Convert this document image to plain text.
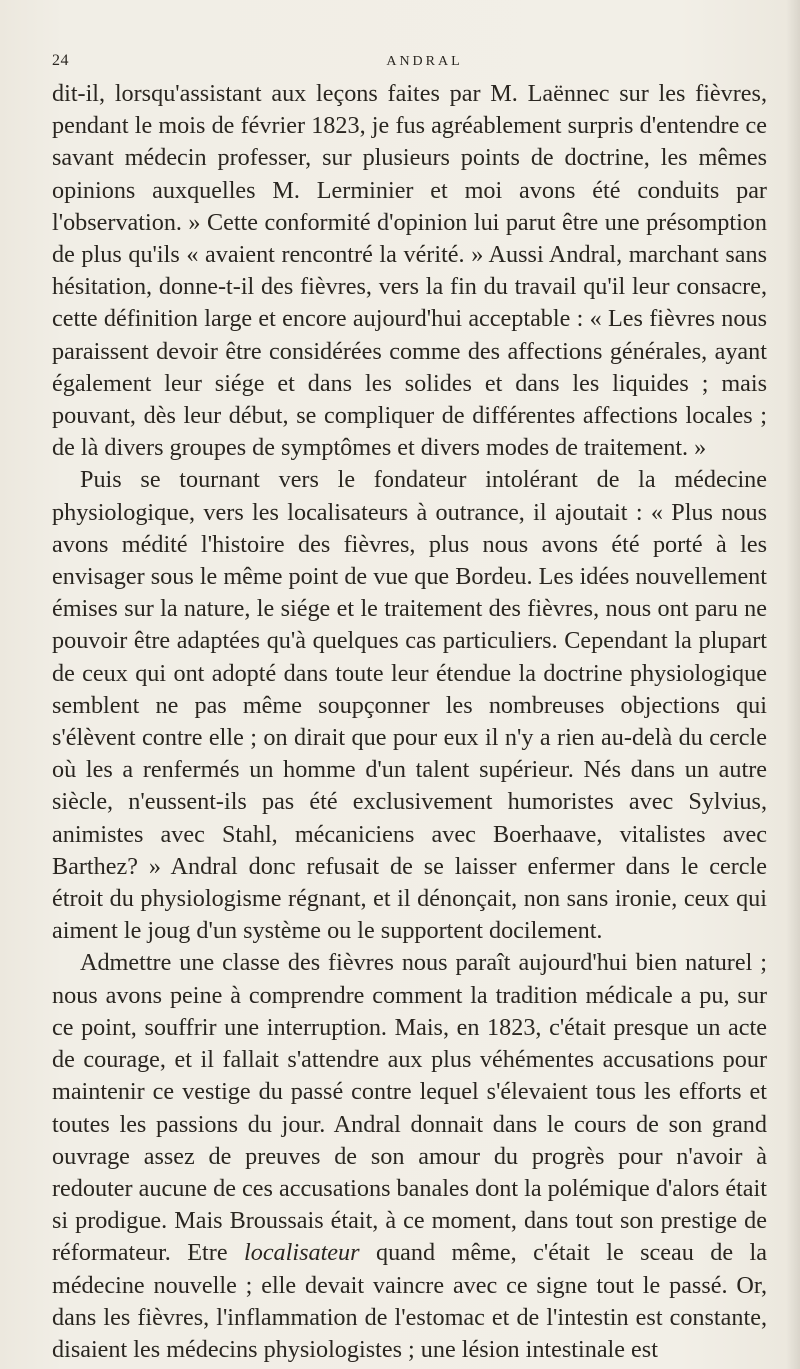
24	ANDRAL

dit-il, lorsqu'assistant aux leçons faites par M. Laënnec sur les fièvres, pendant le mois de février 1823, je fus agréablement surpris d'entendre ce savant médecin professer, sur plusieurs points de doctrine, les mêmes opinions auxquelles M. Lerminier et moi avons été conduits par l'observation. » Cette conformité d'opinion lui parut être une présomption de plus qu'ils « avaient rencontré la vérité. » Aussi Andral, marchant sans hésitation, donne-t-il des fièvres, vers la fin du travail qu'il leur consacre, cette définition large et encore aujourd'hui acceptable : « Les fièvres nous paraissent devoir être considérées comme des affections générales, ayant également leur siége et dans les solides et dans les liquides ; mais pouvant, dès leur début, se compliquer de différentes affections locales ; de là divers groupes de symptômes et divers modes de traitement. »

Puis se tournant vers le fondateur intolérant de la médecine physiologique, vers les localisateurs à outrance, il ajoutait : « Plus nous avons médité l'histoire des fièvres, plus nous avons été porté à les envisager sous le même point de vue que Bordeu. Les idées nouvellement émises sur la nature, le siége et le traitement des fièvres, nous ont paru ne pouvoir être adaptées qu'à quelques cas particuliers. Cependant la plupart de ceux qui ont adopté dans toute leur étendue la doctrine physiologique semblent ne pas même soupçonner les nombreuses objections qui s'élèvent contre elle ; on dirait que pour eux il n'y a rien au-delà du cercle où les a renfermés un homme d'un talent supérieur. Nés dans un autre siècle, n'eussent-ils pas été exclusivement humoristes avec Sylvius, animistes avec Stahl, mécaniciens avec Boerhaave, vitalistes avec Barthez? » Andral donc refusait de se laisser enfermer dans le cercle étroit du physiologisme régnant, et il dénonçait, non sans ironie, ceux qui aiment le joug d'un système ou le supportent docilement.

Admettre une classe des fièvres nous paraît aujourd'hui bien naturel ; nous avons peine à comprendre comment la tradition médicale a pu, sur ce point, souffrir une interruption. Mais, en 1823, c'était presque un acte de courage, et il fallait s'attendre aux plus véhémentes accusations pour maintenir ce vestige du passé contre lequel s'élevaient tous les efforts et toutes les passions du jour. Andral donnait dans le cours de son grand ouvrage assez de preuves de son amour du progrès pour n'avoir à redouter aucune de ces accusations banales dont la polémique d'alors était si prodigue. Mais Broussais était, à ce moment, dans tout son prestige de réformateur. Etre localisateur quand même, c'était le sceau de la médecine nouvelle ; elle devait vaincre avec ce signe tout le passé. Or, dans les fièvres, l'inflammation de l'estomac et de l'intestin est constante, disaient les médecins physiologistes ; une lésion intestinale est
